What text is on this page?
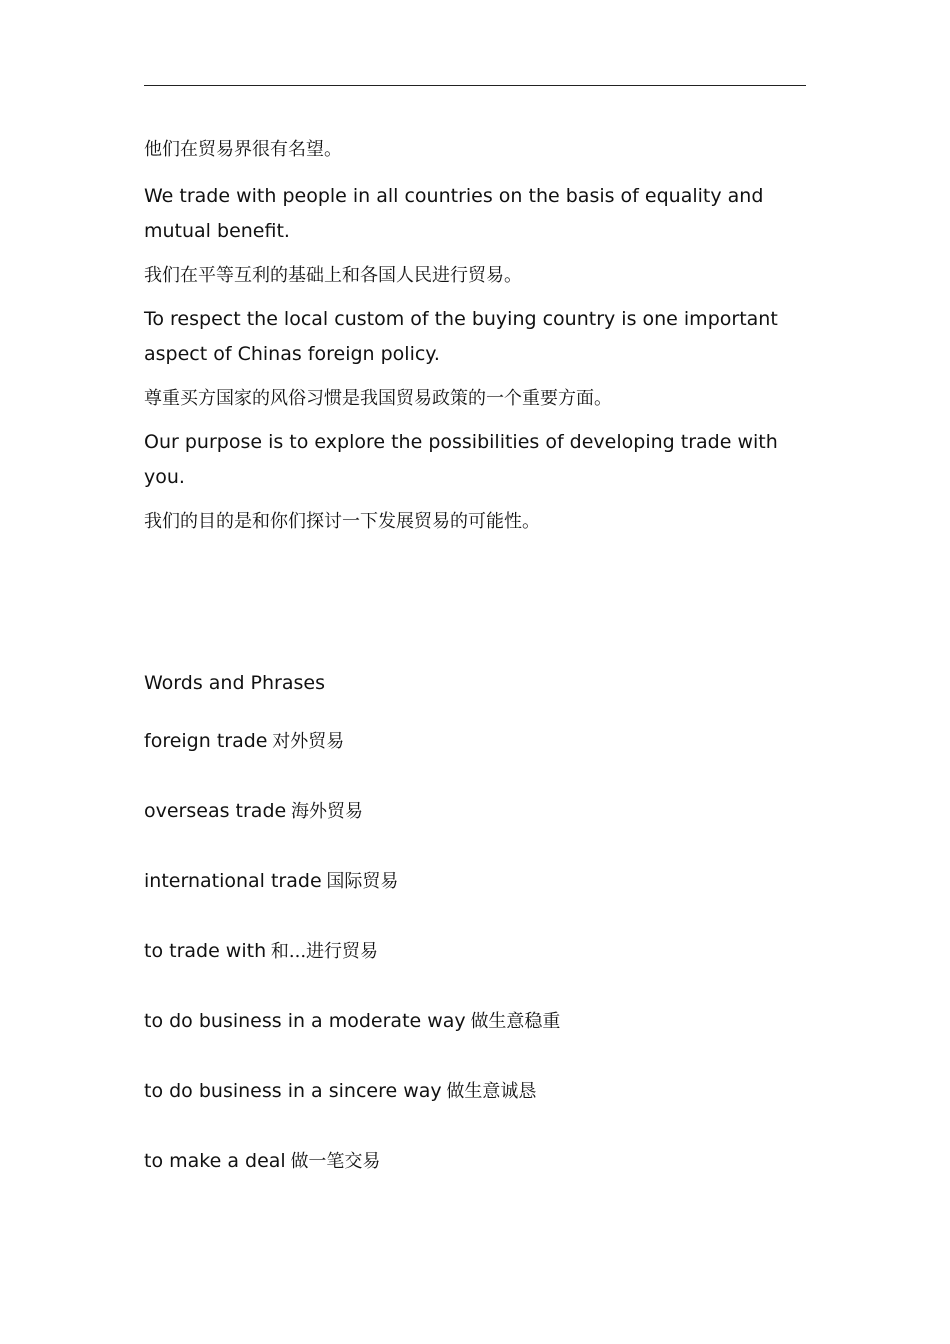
他们在贸易界很有名望。

We trade with people in all countries on the basis of equality and mutual benefit.

我们在平等互利的基础上和各国人民进行贸易。

To respect the local custom of the buying country is one important aspect of Chinas foreign policy.

尊重买方国家的风俗习惯是我国贸易政策的一个重要方面。

Our purpose is to explore the possibilities of developing trade with you.

我们的目的是和你们探讨一下发展贸易的可能性。

Words and Phrases

foreign trade 对外贸易
overseas trade 海外贸易
international trade 国际贸易
to trade with 和...进行贸易
to do business in a moderate way 做生意稳重
to do business in a sincere way 做生意诚恳
to make a deal 做一笔交易
